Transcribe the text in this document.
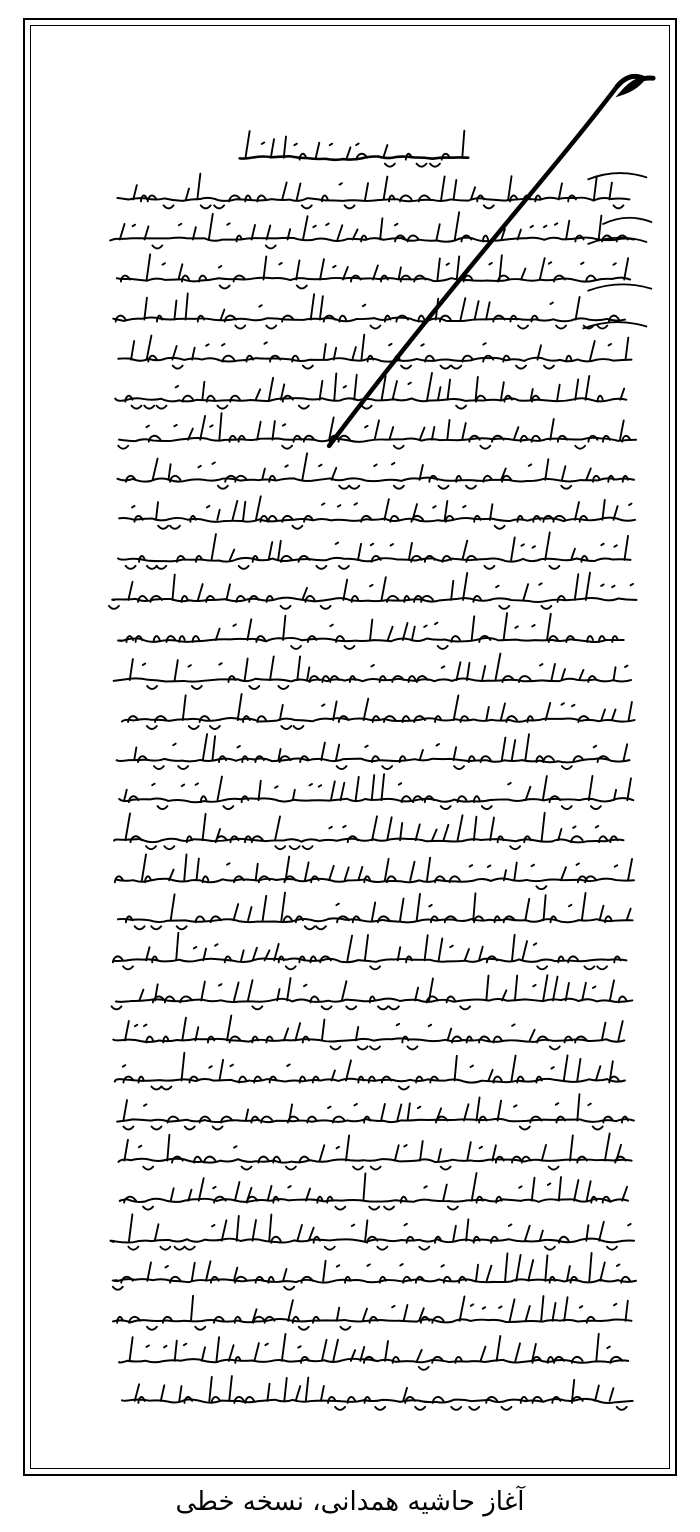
آغاز حاشیه همدانی، نسخه خطی
